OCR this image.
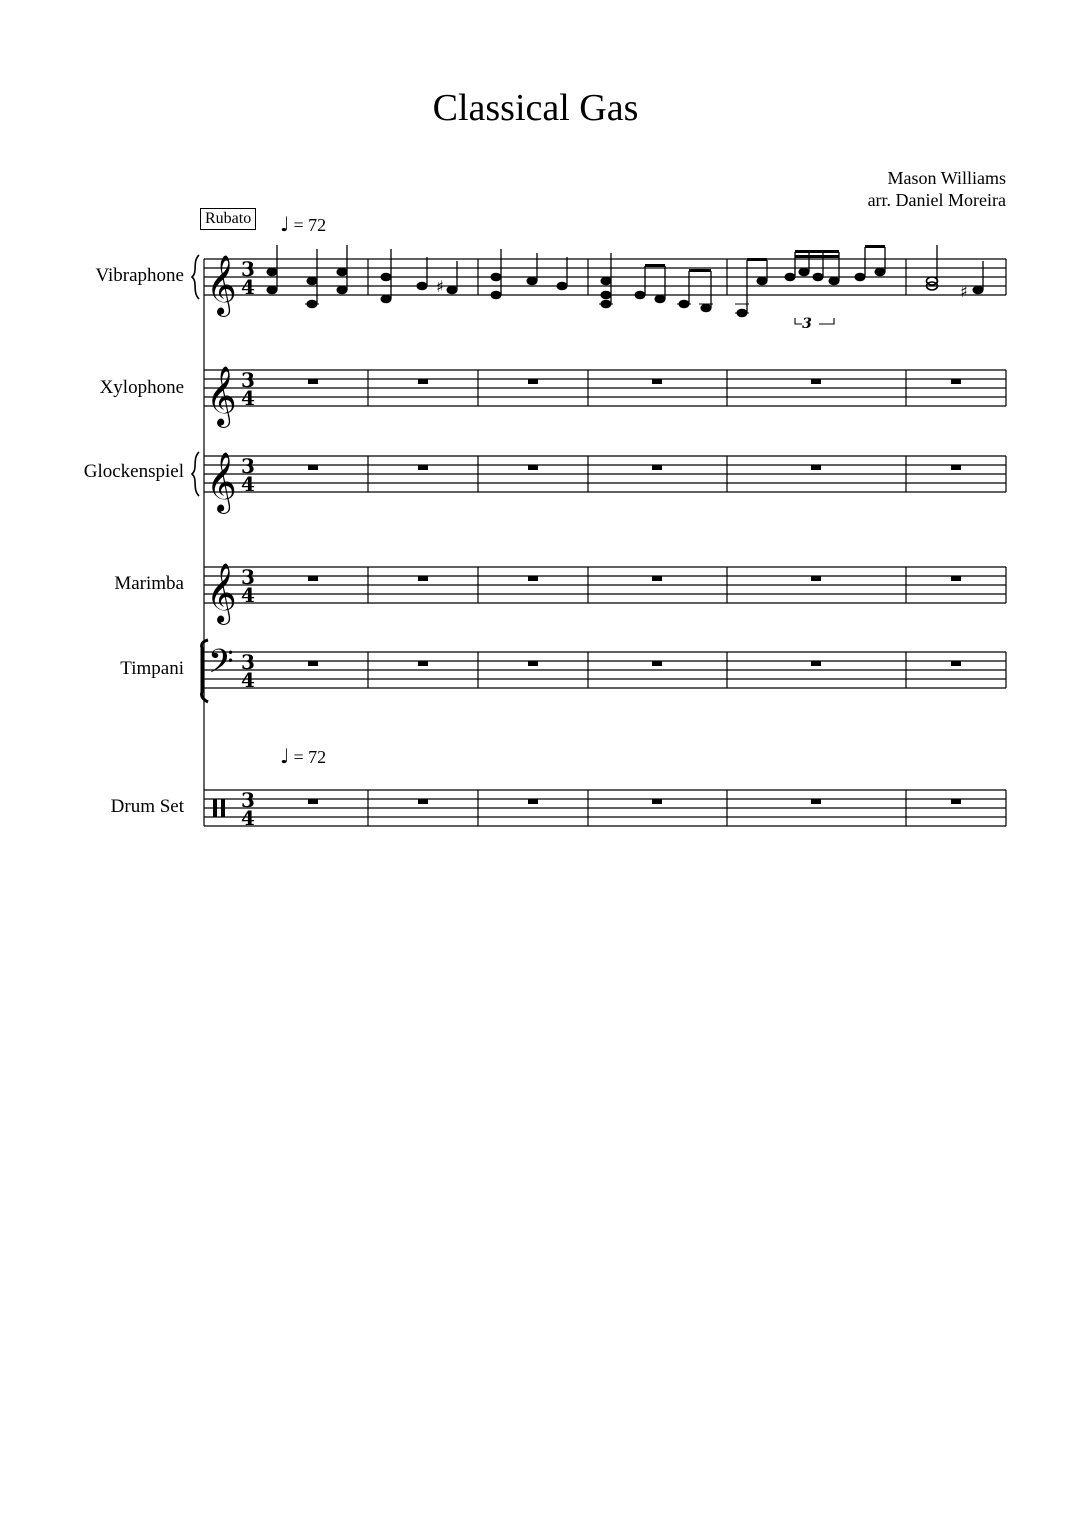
Classical Gas
Mason Williams
arr. Daniel Moreira
Rubato ♩ = 72
♩ = 72
Vibraphone
Xylophone
Glockenspiel
Marimba
Timpani
Drum Set
𝄞
𝄞
𝄞
𝄞
𝄢
3
4
3
4
3
4
3
4
3
4
3
4
♯	♯
3
